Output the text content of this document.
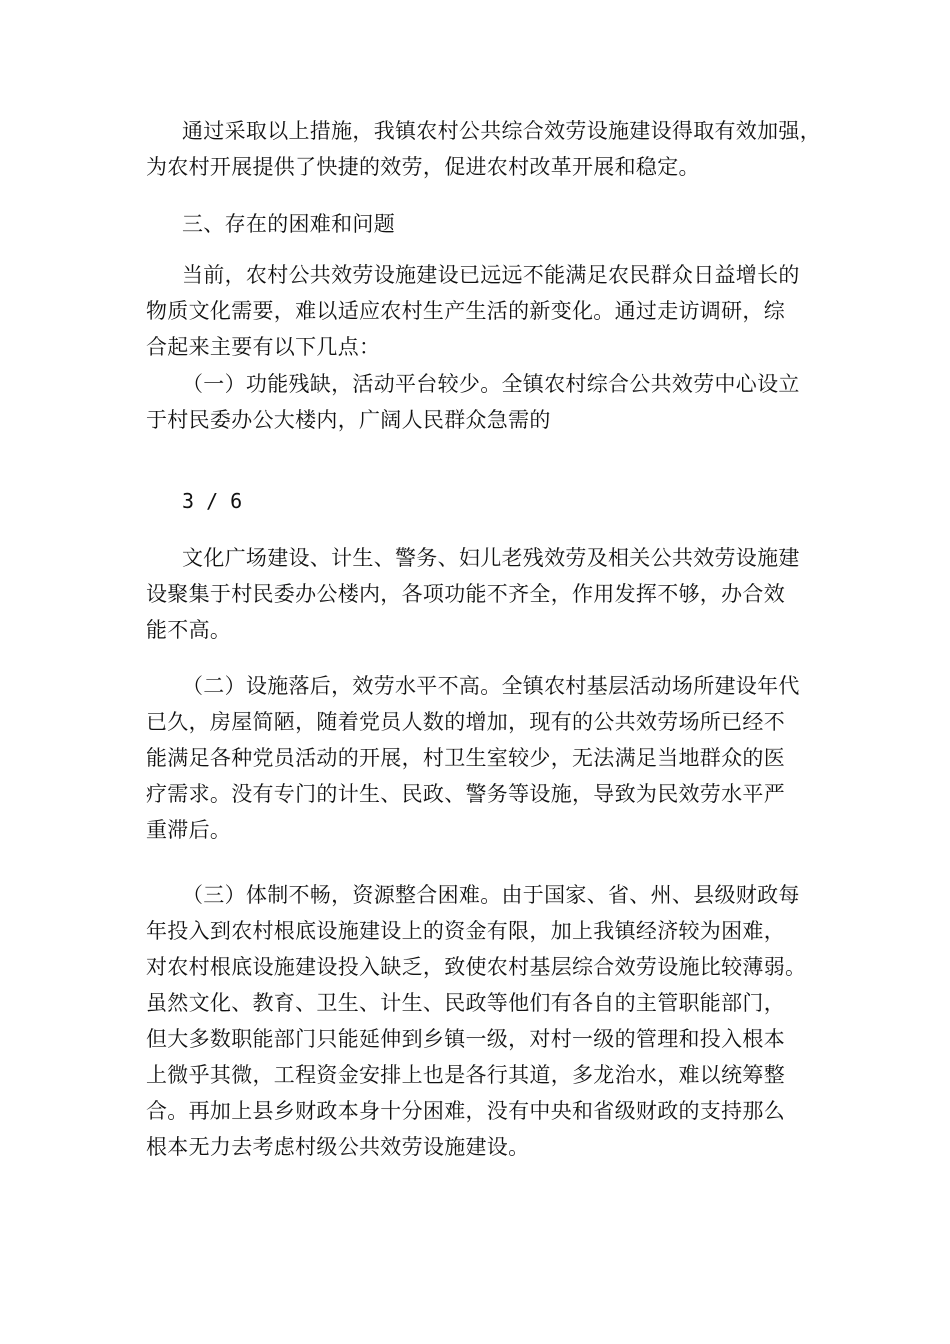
通过采取以上措施，我镇农村公共综合效劳设施建设得取有效加强，
为农村开展提供了快捷的效劳，促进农村改革开展和稳定。

三、存在的困难和问题

当前，农村公共效劳设施建设已远远不能满足农民群众日益增长的
物质文化需要，难以适应农村生产生活的新变化。通过走访调研，综
合起来主要有以下几点：

（一）功能残缺，活动平台较少。全镇农村综合公共效劳中心设立
于村民委办公大楼内，广阔人民群众急需的

3 / 6

文化广场建设、计生、警务、妇儿老残效劳及相关公共效劳设施建
设聚集于村民委办公楼内，各项功能不齐全，作用发挥不够，办合效
能不高。

（二）设施落后，效劳水平不高。全镇农村基层活动场所建设年代
已久，房屋简陋，随着党员人数的增加，现有的公共效劳场所已经不
能满足各种党员活动的开展，村卫生室较少，无法满足当地群众的医
疗需求。没有专门的计生、民政、警务等设施，导致为民效劳水平严
重滞后。

（三）体制不畅，资源整合困难。由于国家、省、州、县级财政每
年投入到农村根底设施建设上的资金有限，加上我镇经济较为困难，
对农村根底设施建设投入缺乏，致使农村基层综合效劳设施比较薄弱。
虽然文化、教育、卫生、计生、民政等他们有各自的主管职能部门，
但大多数职能部门只能延伸到乡镇一级，对村一级的管理和投入根本
上微乎其微，工程资金安排上也是各行其道，多龙治水，难以统筹整
合。再加上县乡财政本身十分困难，没有中央和省级财政的支持那么
根本无力去考虑村级公共效劳设施建设。
